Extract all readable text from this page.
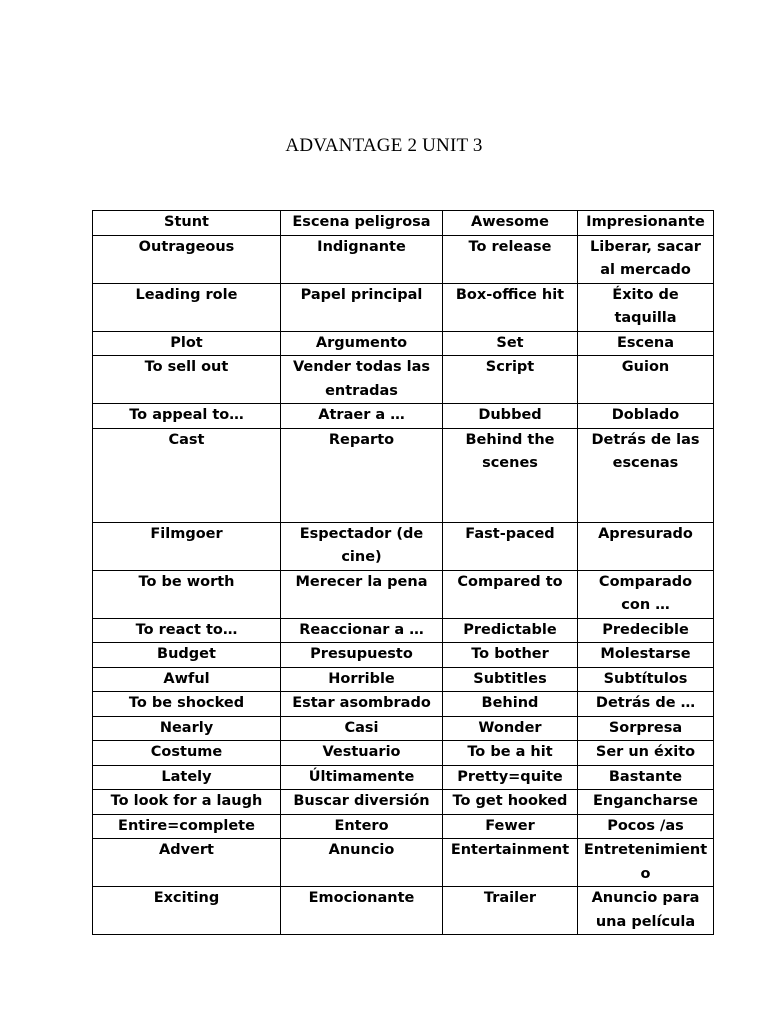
ADVANTAGE 2 UNIT 3
Stunt	Escena peligrosa	Awesome	Impresionante
Outrageous	Indignante	To release	Liberar, sacar al mercado
Leading role	Papel principal	Box-office hit	Éxito de taquilla
Plot	Argumento	Set	Escena
To sell out	Vender todas las entradas	Script	Guion
To appeal to…	Atraer a …	Dubbed	Doblado
Cast	Reparto	Behind the scenes	Detrás de las escenas
Filmgoer	Espectador (de cine)	Fast-paced	Apresurado
To be worth	Merecer la pena	Compared to	Comparado con …
To react to…	Reaccionar a …	Predictable	Predecible
Budget	Presupuesto	To bother	Molestarse
Awful	Horrible	Subtitles	Subtítulos
To be shocked	Estar asombrado	Behind	Detrás de …
Nearly	Casi	Wonder	Sorpresa
Costume	Vestuario	To be a hit	Ser un éxito
Lately	Últimamente	Pretty=quite	Bastante
To look for a laugh	Buscar diversión	To get hooked	Engancharse
Entire=complete	Entero	Fewer	Pocos /as
Advert	Anuncio	Entertainment	Entretenimiento
Exciting	Emocionante	Trailer	Anuncio para una película
